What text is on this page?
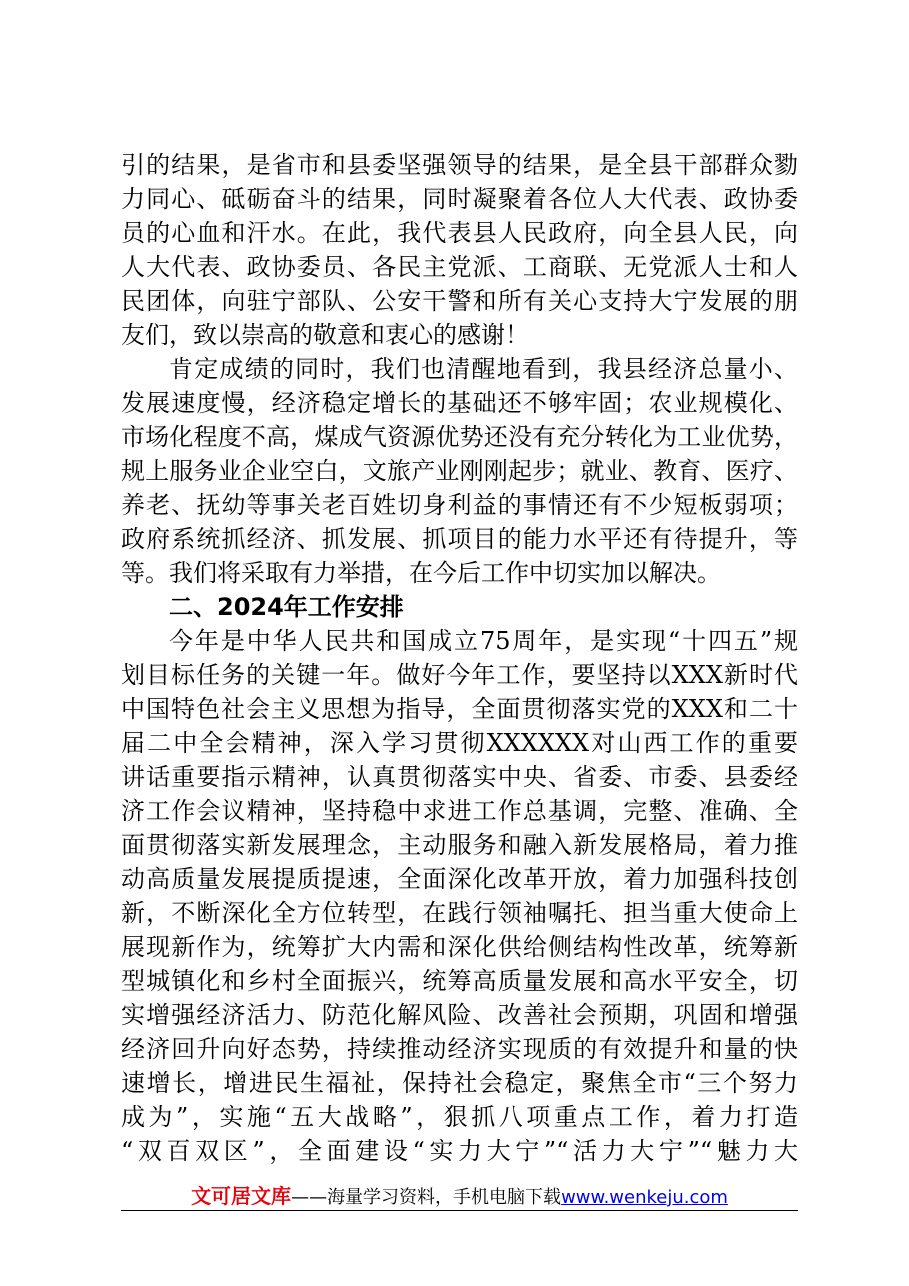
引的结果，是省市和县委坚强领导的结果，是全县干部群众勠
力同心、砥砺奋斗的结果，同时凝聚着各位人大代表、政协委
员的心血和汗水。在此，我代表县人民政府，向全县人民，向
人大代表、政协委员、各民主党派、工商联、无党派人士和人
民团体，向驻宁部队、公安干警和所有关心支持大宁发展的朋
友们，致以崇高的敬意和衷心的感谢！
肯定成绩的同时，我们也清醒地看到，我县经济总量小、
发展速度慢，经济稳定增长的基础还不够牢固；农业规模化、
市场化程度不高，煤成气资源优势还没有充分转化为工业优势，
规上服务业企业空白，文旅产业刚刚起步；就业、教育、医疗、
养老、抚幼等事关老百姓切身利益的事情还有不少短板弱项；
政府系统抓经济、抓发展、抓项目的能力水平还有待提升，等
等。我们将采取有力举措，在今后工作中切实加以解决。
二、2024年工作安排
今年是中华人民共和国成立75周年，是实现“十四五”规
划目标任务的关键一年。做好今年工作，要坚持以XXX新时代
中国特色社会主义思想为指导，全面贯彻落实党的XXX和二十
届二中全会精神，深入学习贯彻XXXXXX对山西工作的重要
讲话重要指示精神，认真贯彻落实中央、省委、市委、县委经
济工作会议精神，坚持稳中求进工作总基调，完整、准确、全
面贯彻落实新发展理念，主动服务和融入新发展格局，着力推
动高质量发展提质提速，全面深化改革开放，着力加强科技创
新，不断深化全方位转型，在践行领袖嘱托、担当重大使命上
展现新作为，统筹扩大内需和深化供给侧结构性改革，统筹新
型城镇化和乡村全面振兴，统筹高质量发展和高水平安全，切
实增强经济活力、防范化解风险、改善社会预期，巩固和增强
经济回升向好态势，持续推动经济实现质的有效提升和量的快
速增长，增进民生福祉，保持社会稳定，聚焦全市“三个努力
成为”，实施“五大战略”，狠抓八项重点工作，着力打造
“双百双区”，全面建设“实力大宁”“活力大宁”“魅力大
文可居文库——海量学习资料，手机电脑下载www.wenkeju.com
